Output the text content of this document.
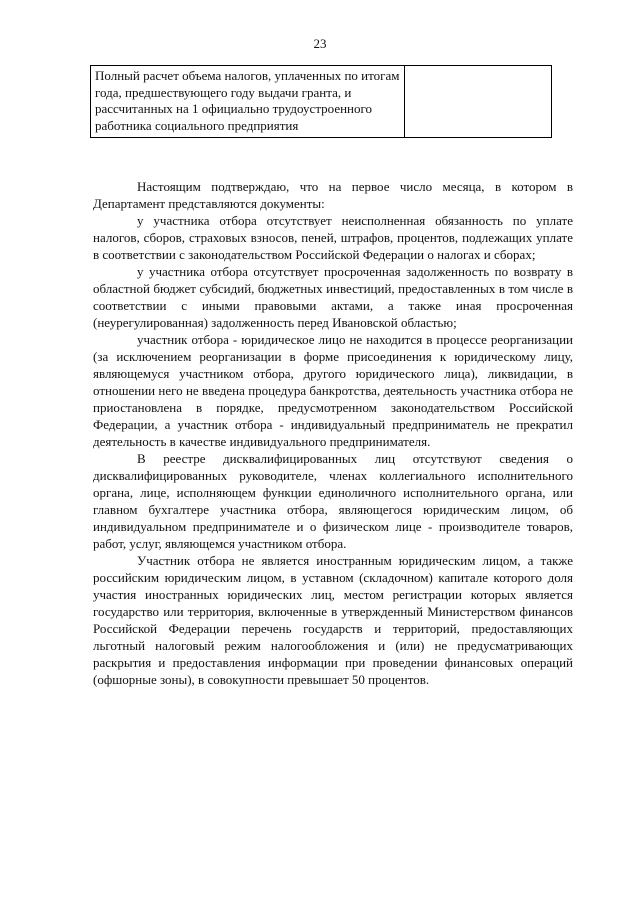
23
Полный расчет объема налогов, уплаченных по итогам года, предшествующего году выдачи гранта, и рассчитанных на 1 официально трудоустроенного работника социального предприятия	

Настоящим подтверждаю, что на первое число месяца, в котором в Департамент представляются документы:

у участника отбора отсутствует неисполненная обязанность по уплате налогов, сборов, страховых взносов, пеней, штрафов, процентов, подлежащих уплате в соответствии с законодательством Российской Федерации о налогах и сборах;

у участника отбора отсутствует просроченная задолженность по возврату в областной бюджет субсидий, бюджетных инвестиций, предоставленных в том числе в соответствии с иными правовыми актами, а также иная просроченная (неурегулированная) задолженность перед Ивановской областью;

участник отбора - юридическое лицо не находится в процессе реорганизации (за исключением реорганизации в форме присоединения к юридическому лицу, являющемуся участником отбора, другого юридического лица), ликвидации, в отношении него не введена процедура банкротства, деятельность участника отбора не приостановлена в порядке, предусмотренном законодательством Российской Федерации, а участник отбора - индивидуальный предприниматель не прекратил деятельность в качестве индивидуального предпринимателя.

В реестре дисквалифицированных лиц отсутствуют сведения о дисквалифицированных руководителе, членах коллегиального исполнительного органа, лице, исполняющем функции единоличного исполнительного органа, или главном бухгалтере участника отбора, являющегося юридическим лицом, об индивидуальном предпринимателе и о физическом лице - производителе товаров, работ, услуг, являющемся участником отбора.

Участник отбора не является иностранным юридическим лицом, а также российским юридическим лицом, в уставном (складочном) капитале которого доля участия иностранных юридических лиц, местом регистрации которых является государство или территория, включенные в утвержденный Министерством финансов Российской Федерации перечень государств и территорий, предоставляющих льготный налоговый режим налогообложения и (или) не предусматривающих раскрытия и предоставления информации при проведении финансовых операций (офшорные зоны), в совокупности превышает 50 процентов.
